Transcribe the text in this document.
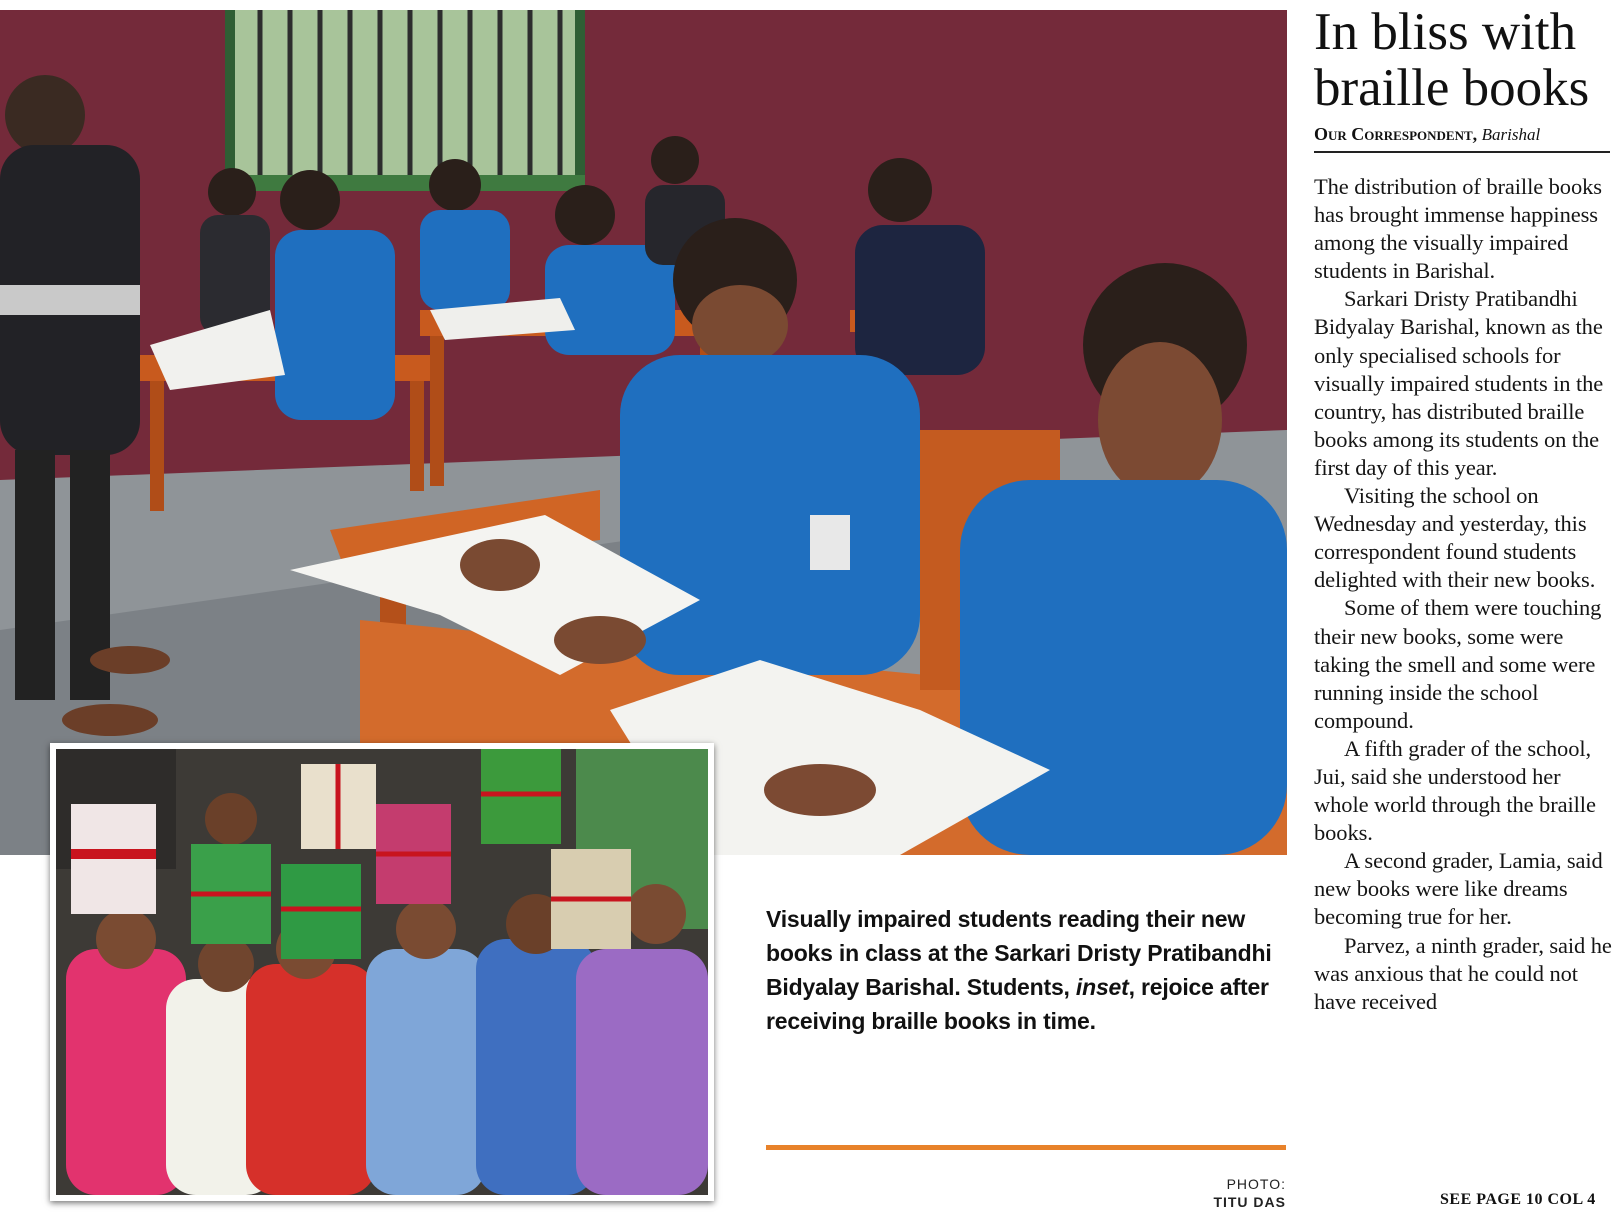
Visually impaired students reading their new books in class at the Sarkari Dristy Pratibandhi Bidyalay Barishal. Students, inset, rejoice after receiving braille books in time.
PHOTO:
TITU DAS
In bliss with braille books
Our Correspondent, Barishal

The distribution of braille books has brought immense happiness among the visually impaired students in Barishal.

Sarkari Dristy Pratibandhi Bidyalay Barishal, known as the only specialised schools for visually impaired students in the country, has distributed braille books among its students on the first day of this year.

Visiting the school on Wednesday and yesterday, this correspondent found students delighted with their new books.

Some of them were touching their new books, some were taking the smell and some were running inside the school compound.

A fifth grader of the school, Jui, said she understood her whole world through the braille books.

A second grader, Lamia, said new books were like dreams becoming true for her.

Parvez, a ninth grader, said he was anxious that he could not have received

SEE PAGE 10 COL 4
